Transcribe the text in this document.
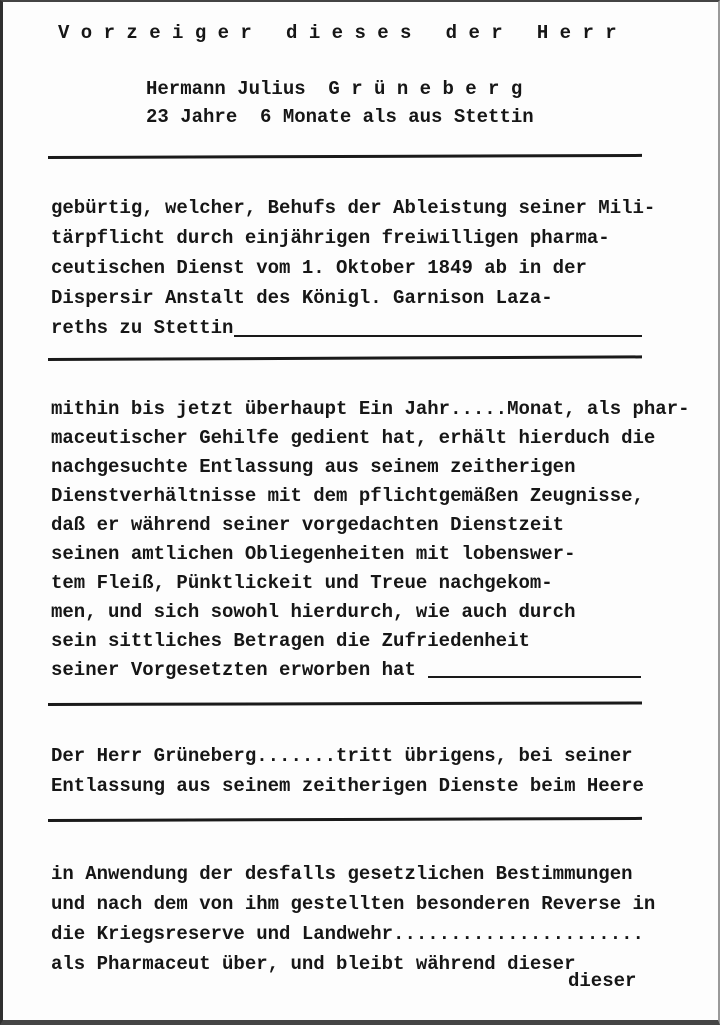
V o r z e i g e r   d i e s e s   d e r   H e r r
Hermann Julius  G r ü n e b e r g
23 Jahre  6 Monate als aus Stettin
gebürtig, welcher, Behufs der Ableistung seiner Mili-
tärpflicht durch einjährigen freiwilligen pharma-
ceutischen Dienst vom 1. Oktober 1849 ab in der
Dispersir Anstalt des Königl. Garnison Laza-
reths zu Stettin
mithin bis jetzt überhaupt Ein Jahr.....Monat, als phar-
maceutischer Gehilfe gedient hat, erhält hierduch die
nachgesuchte Entlassung aus seinem zeitherigen
Dienstverhältnisse mit dem pflichtgemäßen Zeugnisse,
daß er während seiner vorgedachten Dienstzeit
seinen amtlichen Obliegenheiten mit lobenswer-
tem Fleiß, Pünktlickeit und Treue nachgekom-
men, und sich sowohl hierdurch, wie auch durch
sein sittliches Betragen die Zufriedenheit
seiner Vorgesetzten erworben hat
Der Herr Grüneberg.......tritt übrigens, bei seiner
Entlassung aus seinem zeitherigen Dienste beim Heere
in Anwendung der desfalls gesetzlichen Bestimmungen
und nach dem von ihm gestellten besonderen Reverse in
die Kriegsreserve und Landwehr......................
als Pharmaceut über, und bleibt während dieser
dieser
